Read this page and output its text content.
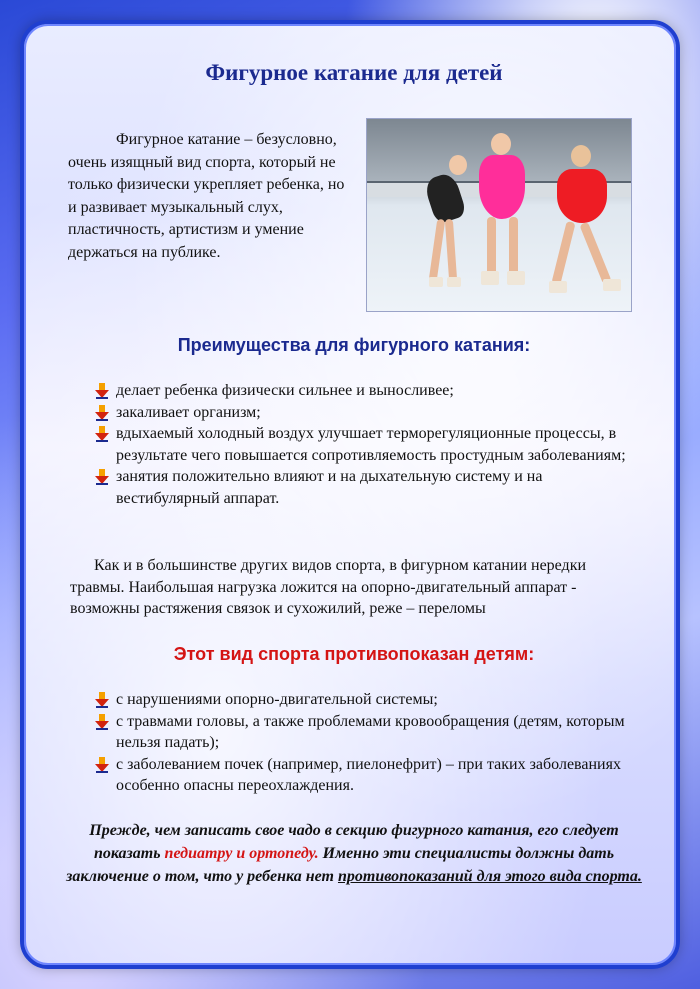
Фигурное катание для детей

Фигурное катание – безусловно, очень изящный вид спорта, который не только физически укрепляет ребенка, но и развивает музыкальный слух, пластичность, артистизм и умение держаться на публике.

Преимущества для фигурного катания:
делает ребенка физически сильнее и выносливее;
закаливает организм;
вдыхаемый холодный воздух улучшает терморегуляционные процессы, в результате чего повышается сопротивляемость простудным заболеваниям;
занятия положительно влияют и на дыхательную систему и на вестибулярный аппарат.

Как и в большинстве других видов спорта, в фигурном катании нередки травмы. Наибольшая нагрузка ложится на опорно-двигательный аппарат - возможны растяжения связок и сухожилий, реже – переломы

Этот вид спорта противопоказан детям:
с нарушениями опорно-двигательной системы;
с травмами головы, а также проблемами кровообращения (детям, которым нельзя падать);
с заболеванием почек (например, пиелонефрит) – при таких заболеваниях особенно опасны переохлаждения.

Прежде, чем записать свое чадо в секцию фигурного катания, его следует показать педиатру и ортопеду. Именно эти специалисты должны дать заключение о том, что у ребенка нет противопоказаний для этого вида спорта.
